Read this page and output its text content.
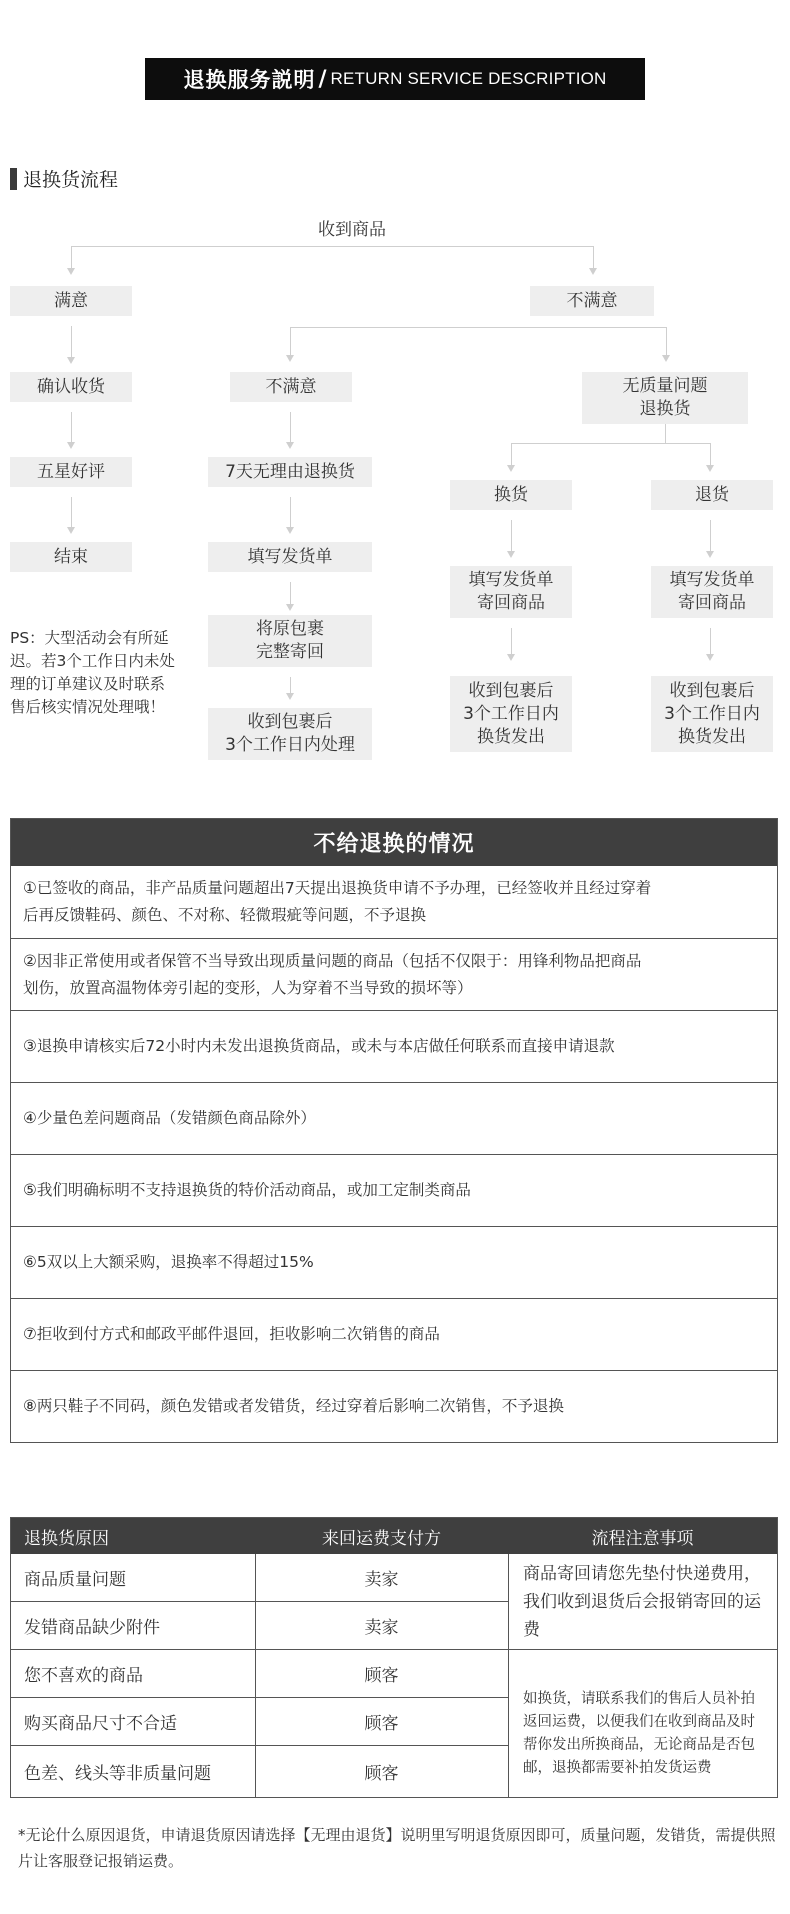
退换服务説明 / RETURN SERVICE DESCRIPTION
退换货流程
收到商品
满意
确认收货
五星好评
结束
PS：大型活动会有所延迟。若3个工作日内未处理的订单建议及时联系售后核实情况处理哦！
不满意
不满意
7天无理由退换货
填写发货单
将原包裹
完整寄回
收到包裹后
3个工作日内处理
无质量问题
退换货
换货
填写发货单
寄回商品
收到包裹后
3个工作日内
换货发出
退货
填写发货单
寄回商品
收到包裹后
3个工作日内
换货发出
不给退换的情况
①已签收的商品，非产品质量问题超出7天提出退换货申请不予办理，已经签收并且经过穿着
后再反馈鞋码、颜色、不对称、轻微瑕疵等问题，不予退换
②因非正常使用或者保管不当导致出现质量问题的商品（包括不仅限于：用锋利物品把商品
划伤，放置高温物体旁引起的变形，人为穿着不当导致的损坏等）
③退换申请核实后72小时内未发出退换货商品，或未与本店做任何联系而直接申请退款
④少量色差问题商品（发错颜色商品除外）
⑤我们明确标明不支持退换货的特价活动商品，或加工定制类商品
⑥5双以上大额采购，退换率不得超过15%
⑦拒收到付方式和邮政平邮件退回，拒收影响二次销售的商品
⑧两只鞋子不同码，颜色发错或者发错货，经过穿着后影响二次销售，不予退换
退换货原因	来回运费支付方	流程注意事项
商品质量问题	卖家
发错商品缺少附件	卖家
您不喜欢的商品	顾客
购买商品尺寸不合适	顾客
色差、线头等非质量问题	顾客
商品寄回请您先垫付快递费用，我们收到退货后会报销寄回的运费
如换货，请联系我们的售后人员补拍返回运费，以便我们在收到商品及时帮你发出所换商品，无论商品是否包邮，退换都需要补拍发货运费
*无论什么原因退货，申请退货原因请选择【无理由退货】说明里写明退货原因即可，质量问题，发错货，需提供照片让客服登记报销运费。
